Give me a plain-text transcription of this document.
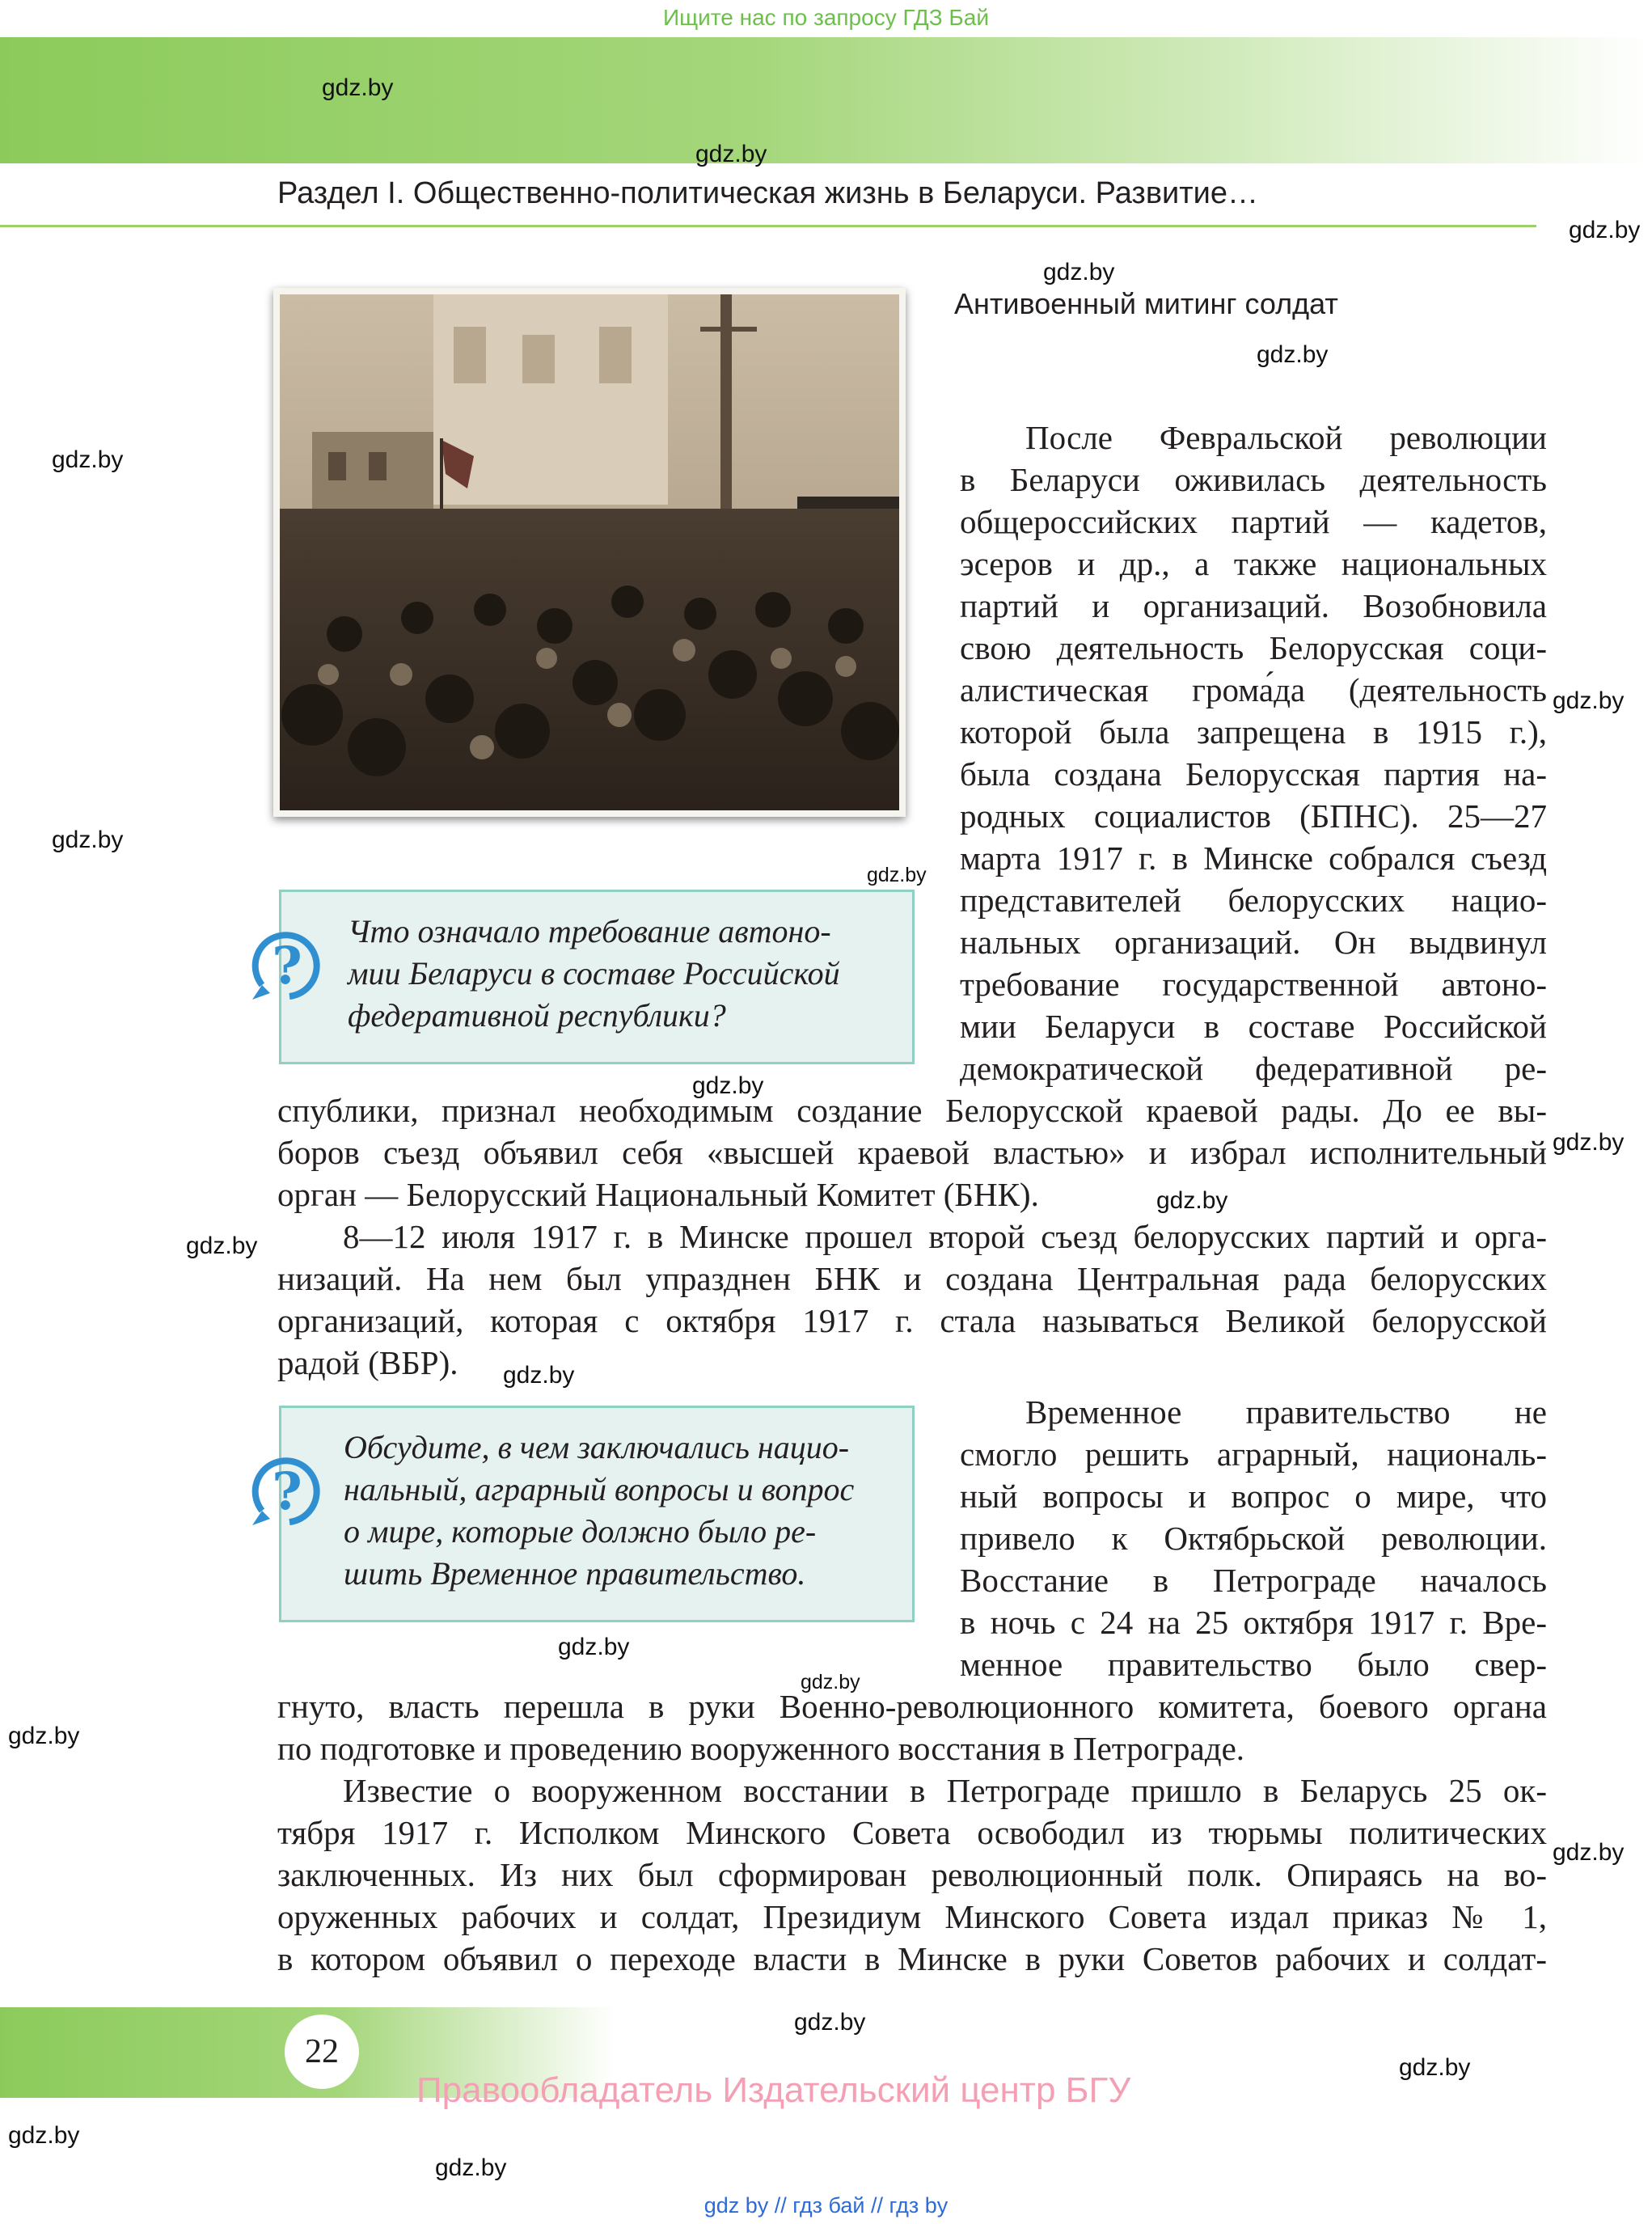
Ищите нас по запросу ГДЗ Бай
Раздел I. Общественно-политическая жизнь в Беларуси. Развитие…
gdz.by
gdz.by
gdz.by
gdz.by
gdz.by
gdz.by
gdz.by
gdz.by
gdz.by
gdz.by
gdz.by
gdz.by
gdz.by
gdz.by
gdz.by
gdz.by
gdz.by
gdz.by
gdz.by
gdz.by
gdz.by
gdz.by
Антивоенный митинг солдат
После Февральской революции
в Беларуси оживилась деятельность
общероссийских партий — кадетов,
эсеров и др., а также национальных
партий и организаций. Возобновила
свою деятельность Белорусская соци-
алистическая грома́да (деятельность
которой была запрещена в 1915 г.),
была создана Белорусская партия на-
родных социалистов (БПНС). 25—27
марта 1917 г. в Минске собрался съезд
представителей белорусских нацио-
нальных организаций. Он выдвинул
требование государственной автоно-
мии Беларуси в составе Российской
демократической федеративной ре-
спублики, признал необходимым создание Белорусской краевой рады. До ее вы-
боров съезд объявил себя «высшей краевой властью» и избрал исполнительный
орган — Белорусский Национальный Комитет (БНК).
8—12 июля 1917 г. в Минске прошел второй съезд белорусских партий и орга-
низаций. На нем был упразднен БНК и создана Центральная рада белорусских
организаций, которая с октября 1917 г. стала называться Великой белорусской
радой (ВБР).
Временное правительство не
смогло решить аграрный, националь-
ный вопросы и вопрос о мире, что
привело к Октябрьской революции.
Восстание в Петрограде началось
в ночь с 24 на 25 октября 1917 г. Вре-
менное правительство было свер-
гнуто, власть перешла в руки Военно-революционного комитета, боевого органа
по подготовке и проведению вооруженного восстания в Петрограде.
Известие о вооруженном восстании в Петрограде пришло в Беларусь 25 ок-
тября 1917 г. Исполком Минского Совета освободил из тюрьмы политических
заключенных. Из них был сформирован революционный полк. Опираясь на во-
оруженных рабочих и солдат, Президиум Минского Совета издал приказ № 1,
в котором объявил о переходе власти в Минске в руки Советов рабочих и солдат-
?
Что означало требование автоно-
мии Беларуси в составе Российской
федеративной республики?
?
Обсудите, в чем заключались нацио-
нальный, аграрный вопросы и вопрос
о мире, которые должно было ре-
шить Временное правительство.
22
Правообладатель Издательский центр БГУ
gdz by // гдз бай // гдз by
